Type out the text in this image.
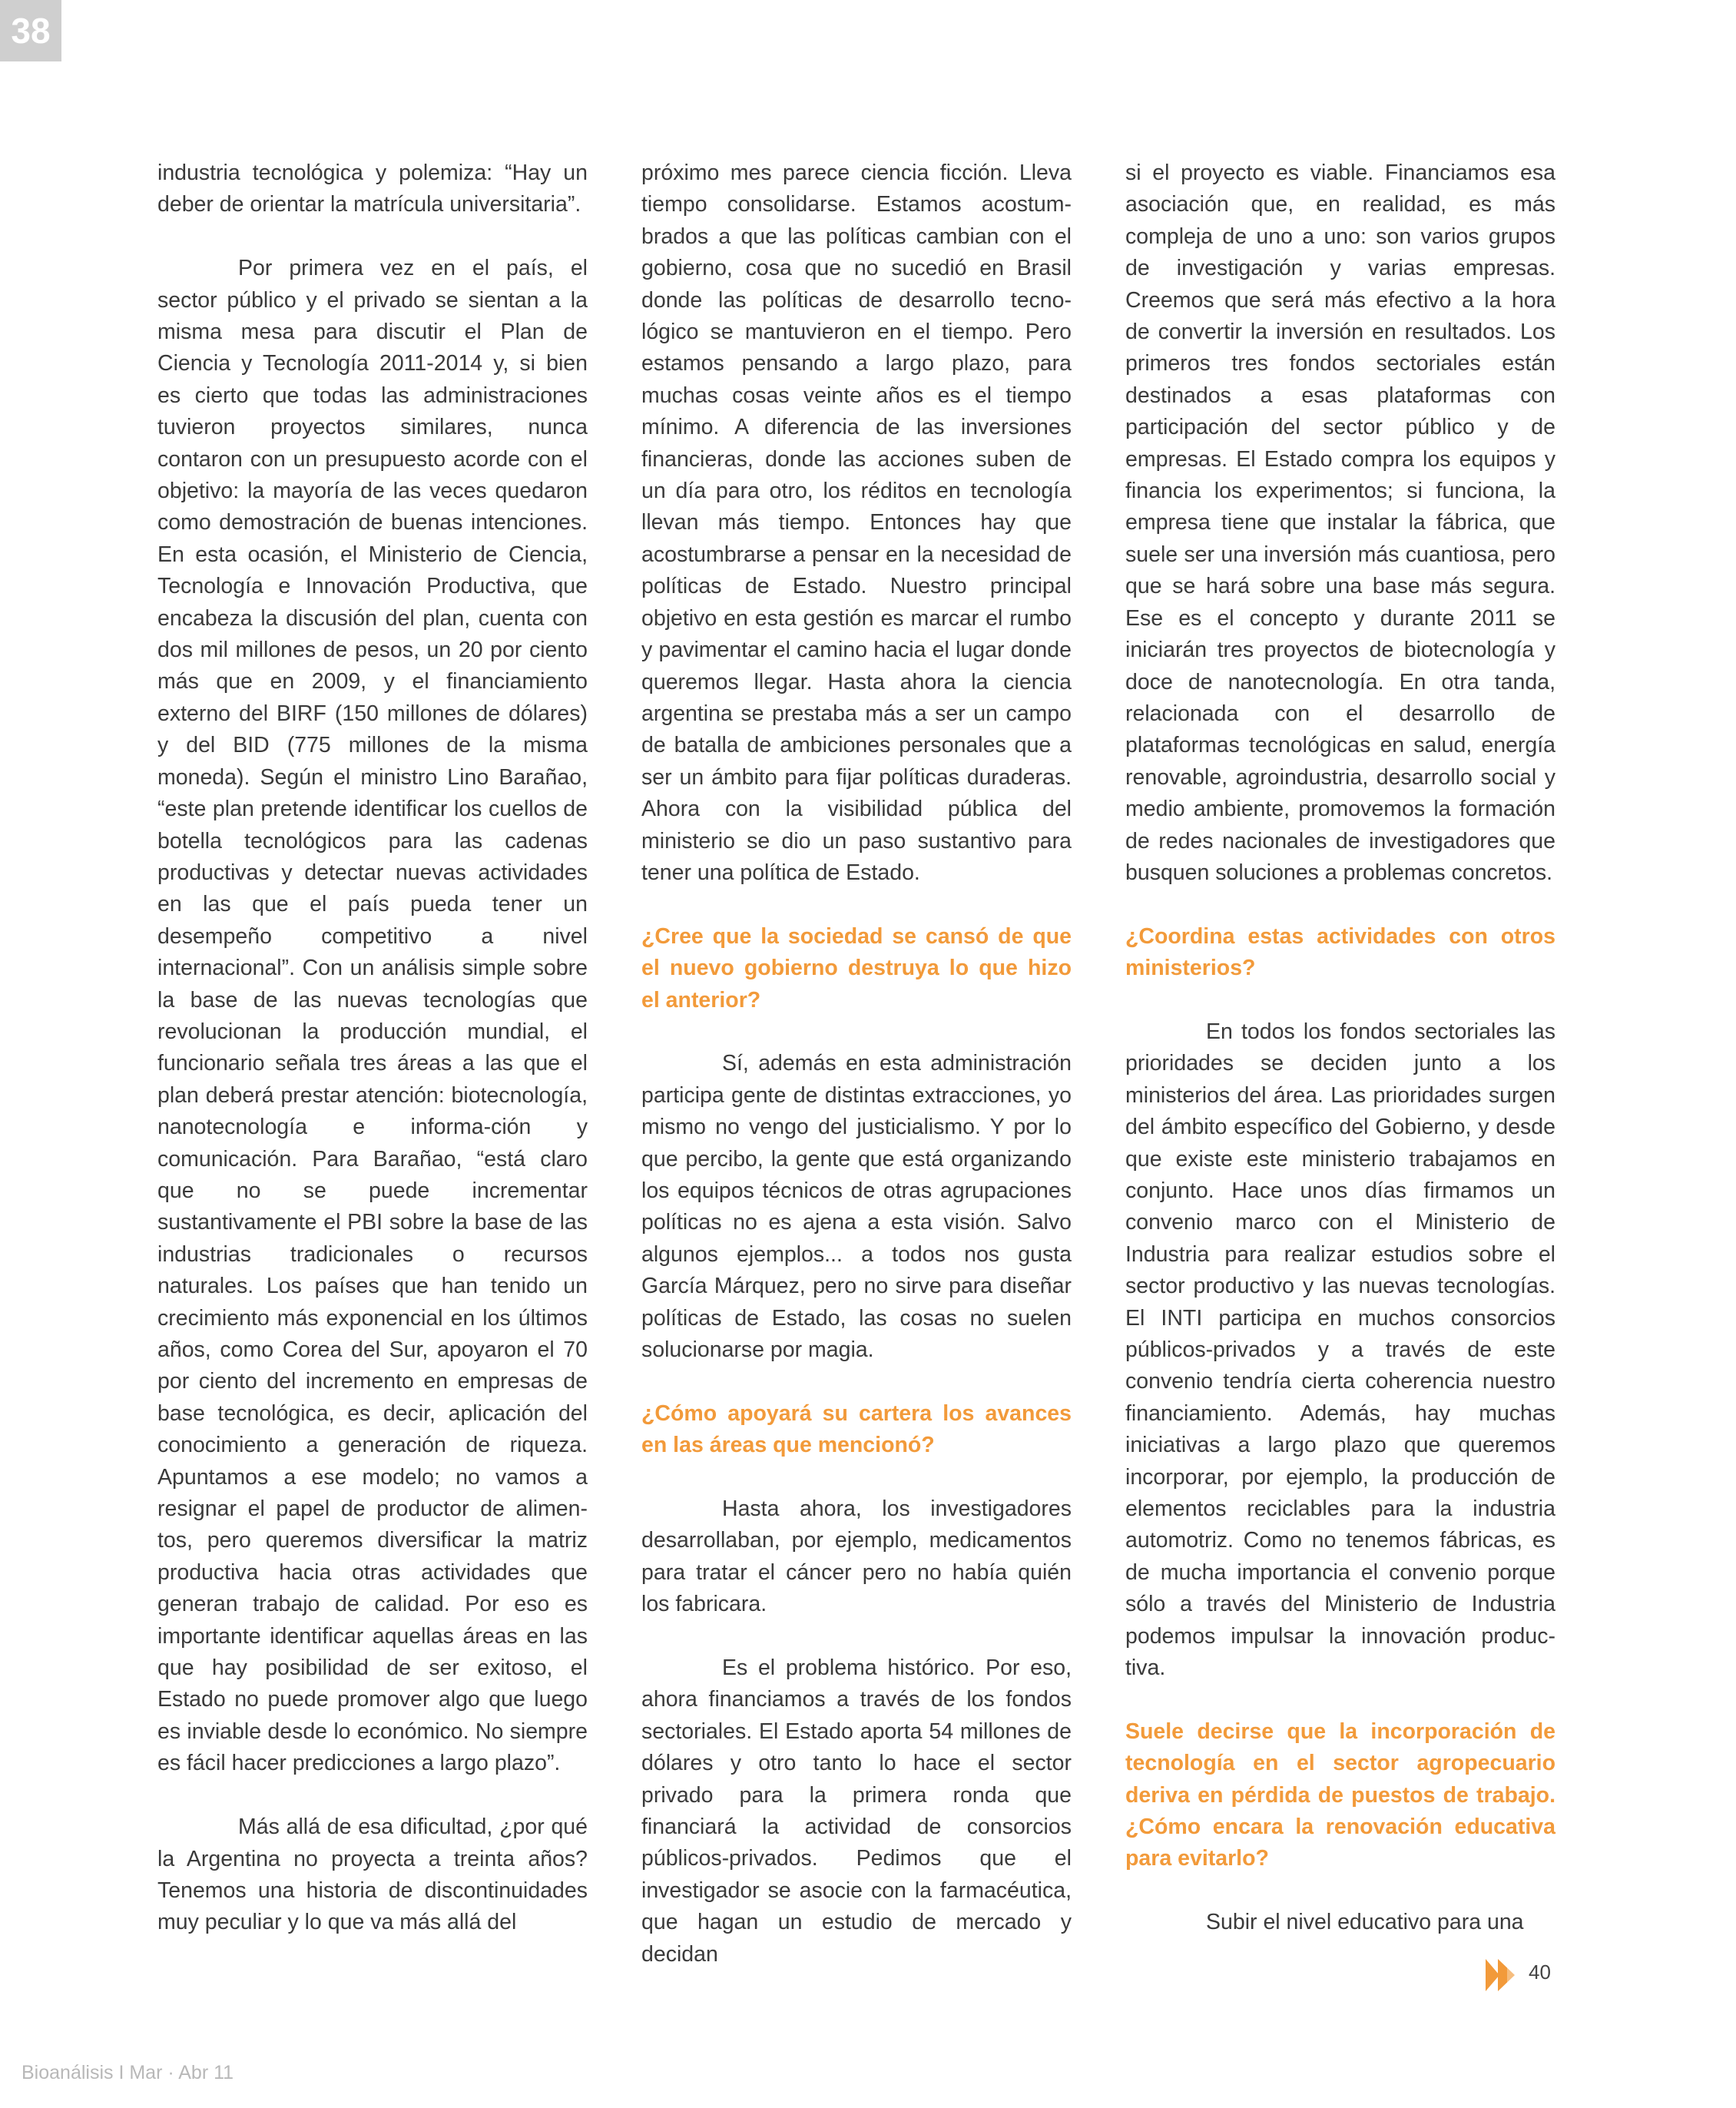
38

industria tecnológica y polemiza: “Hay un deber de orientar la matrícula universitaria”.

Por primera vez en el país, el sector público y el privado se sientan a la misma mesa para discutir el Plan de Ciencia y Tecnología 2011-2014 y, si bien es cierto que todas las administraciones tuvieron proyectos similares, nunca contaron con un presupuesto acorde con el objetivo: la mayoría de las veces quedaron como demostración de buenas intenciones. En esta ocasión, el Ministerio de Ciencia, Tecnología e Innovación Productiva, que encabeza la discusión del plan, cuenta con dos mil millones de pesos, un 20 por ciento más que en 2009, y el financiamiento externo del BIRF (150 millones de dólares) y del BID (775 millones de la misma moneda). Según el ministro Lino Barañao, “este plan pretende identificar los cuellos de botella tecnológicos para las cadenas productivas y detectar nuevas actividades en las que el país pueda tener un desempeño competitivo a nivel internacional”. Con un análisis simple sobre la base de las nuevas tecnologías que revolucionan la producción mundial, el funcionario señala tres áreas a las que el plan deberá prestar atención: biotecnología, nanotecnología e informa-ción y comunicación. Para Barañao, “está claro que no se puede incrementar sustantivamente el PBI sobre la base de las industrias tradicionales o recursos naturales. Los países que han tenido un crecimiento más exponencial en los últimos años, como Corea del Sur, apoyaron el 70 por ciento del incremento en empresas de base tecnológica, es decir, aplicación del conocimiento a generación de riqueza. Apuntamos a ese modelo; no vamos a resignar el papel de productor de alimen-tos, pero queremos diversificar la matriz productiva hacia otras actividades que generan trabajo de calidad. Por eso es importante identificar aquellas áreas en las que hay posibilidad de ser exitoso, el Estado no puede promover algo que luego es inviable desde lo económico. No siempre es fácil hacer predicciones a largo plazo”.

Más allá de esa dificultad, ¿por qué la Argentina no proyecta a treinta años? Tenemos una historia de discontinuidades muy peculiar y lo que va más allá del

próximo mes parece ciencia ficción. Lleva tiempo consolidarse. Estamos acostum-brados a que las políticas cambian con el gobierno, cosa que no sucedió en Brasil donde las políticas de desarrollo tecno-lógico se mantuvieron en el tiempo. Pero estamos pensando a largo plazo, para muchas cosas veinte años es el tiempo mínimo. A diferencia de las inversiones financieras, donde las acciones suben de un día para otro, los réditos en tecnología llevan más tiempo. Entonces hay que acostumbrarse a pensar en la necesidad de políticas de Estado. Nuestro principal objetivo en esta gestión es marcar el rumbo y pavimentar el camino hacia el lugar donde queremos llegar. Hasta ahora la ciencia argentina se prestaba más a ser un campo de batalla de ambiciones personales que a ser un ámbito para fijar políticas duraderas. Ahora con la visibilidad pública del ministerio se dio un paso sustantivo para tener una política de Estado.

¿Cree que la sociedad se cansó de que el nuevo gobierno destruya lo que hizo el anterior?

Sí, además en esta administración participa gente de distintas extracciones, yo mismo no vengo del justicialismo. Y por lo que percibo, la gente que está organizando los equipos técnicos de otras agrupaciones políticas no es ajena a esta visión. Salvo algunos ejemplos... a todos nos gusta García Márquez, pero no sirve para diseñar políticas de Estado, las cosas no suelen solucionarse por magia.

¿Cómo apoyará su cartera los avances en las áreas que mencionó?

Hasta ahora, los investigadores desarrollaban, por ejemplo, medicamentos para tratar el cáncer pero no había quién los fabricara.

Es el problema histórico. Por eso, ahora financiamos a través de los fondos sectoriales. El Estado aporta 54 millones de dólares y otro tanto lo hace el sector privado para la primera ronda que financiará la actividad de consorcios públicos-privados. Pedimos que el investigador se asocie con la farmacéutica, que hagan un estudio de mercado y decidan

si el proyecto es viable. Financiamos esa asociación que, en realidad, es más compleja de uno a uno: son varios grupos de investigación y varias empresas. Creemos que será más efectivo a la hora de convertir la inversión en resultados. Los primeros tres fondos sectoriales están destinados a esas plataformas con participación del sector público y de empresas. El Estado compra los equipos y financia los experimentos; si funciona, la empresa tiene que instalar la fábrica, que suele ser una inversión más cuantiosa, pero que se hará sobre una base más segura. Ese es el concepto y durante 2011 se iniciarán tres proyectos de biotecnología y doce de nanotecnología. En otra tanda, relacionada con el desarrollo de plataformas tecnológicas en salud, energía renovable, agroindustria, desarrollo social y medio ambiente, promovemos la formación de redes nacionales de investigadores que busquen soluciones a problemas concretos.

¿Coordina estas actividades con otros ministerios?

En todos los fondos sectoriales las prioridades se deciden junto a los ministerios del área. Las prioridades surgen del ámbito específico del Gobierno, y desde que existe este ministerio trabajamos en conjunto. Hace unos días firmamos un convenio marco con el Ministerio de Industria para realizar estudios sobre el sector productivo y las nuevas tecnologías. El INTI participa en muchos consorcios públicos-privados y a través de este convenio tendría cierta coherencia nuestro financiamiento. Además, hay muchas iniciativas a largo plazo que queremos incorporar, por ejemplo, la producción de elementos reciclables para la industria automotriz. Como no tenemos fábricas, es de mucha importancia el convenio porque sólo a través del Ministerio de Industria podemos impulsar la innovación produc-tiva.

Suele decirse que la incorporación de tecnología en el sector agropecuario deriva en pérdida de puestos de trabajo. ¿Cómo encara la renovación educativa para evitarlo?

Subir el nivel educativo para una

40
Bioanálisis I Mar · Abr 11
